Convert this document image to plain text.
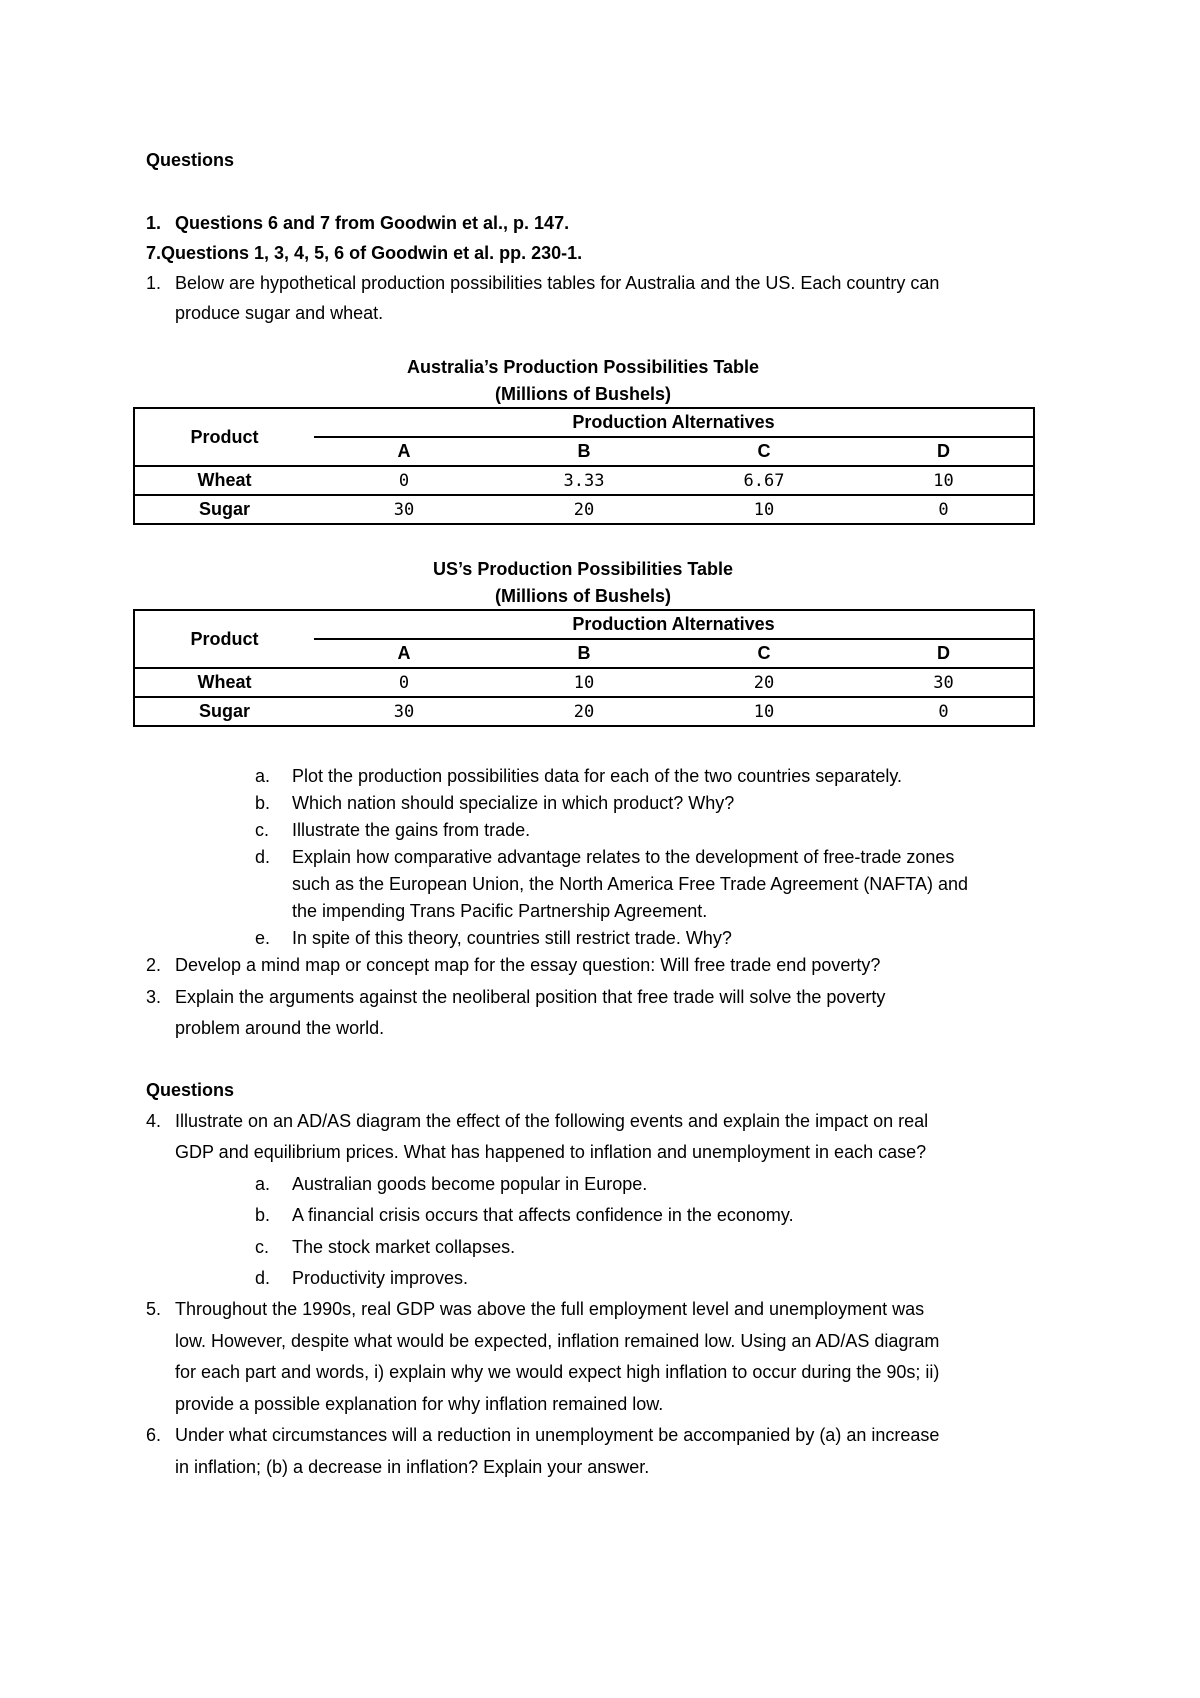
Questions
1. Questions 6 and 7 from Goodwin et al., p. 147.
7.Questions 1, 3, 4, 5, 6 of Goodwin et al. pp. 230-1.
1. Below are hypothetical production possibilities tables for Australia and the US. Each country can
produce sugar and wheat.
Australia’s Production Possibilities Table
(Millions of Bushels)
Product	Production Alternatives			
	A	B	C	D
Wheat	0	3.33	6.67	10
Sugar	30	20	10	0
US’s Production Possibilities Table
(Millions of Bushels)
Product	Production Alternatives			
	A	B	C	D
Wheat	0	10	20	30
Sugar	30	20	10	0
a. Plot the production possibilities data for each of the two countries separately.
b. Which nation should specialize in which product? Why?
c. Illustrate the gains from trade.
d. Explain how comparative advantage relates to the development of free-trade zones
such as the European Union, the North America Free Trade Agreement (NAFTA) and
the impending Trans Pacific Partnership Agreement.
e. In spite of this theory, countries still restrict trade. Why?
2. Develop a mind map or concept map for the essay question: Will free trade end poverty?
3. Explain the arguments against the neoliberal position that free trade will solve the poverty
problem around the world.
Questions
4. Illustrate on an AD/AS diagram the effect of the following events and explain the impact on real
GDP and equilibrium prices. What has happened to inflation and unemployment in each case?
a. Australian goods become popular in Europe.
b. A financial crisis occurs that affects confidence in the economy.
c. The stock market collapses.
d. Productivity improves.
5. Throughout the 1990s, real GDP was above the full employment level and unemployment was
low. However, despite what would be expected, inflation remained low. Using an AD/AS diagram
for each part and words, i) explain why we would expect high inflation to occur during the 90s; ii)
provide a possible explanation for why inflation remained low.
6. Under what circumstances will a reduction in unemployment be accompanied by (a) an increase
in inflation; (b) a decrease in inflation? Explain your answer.
